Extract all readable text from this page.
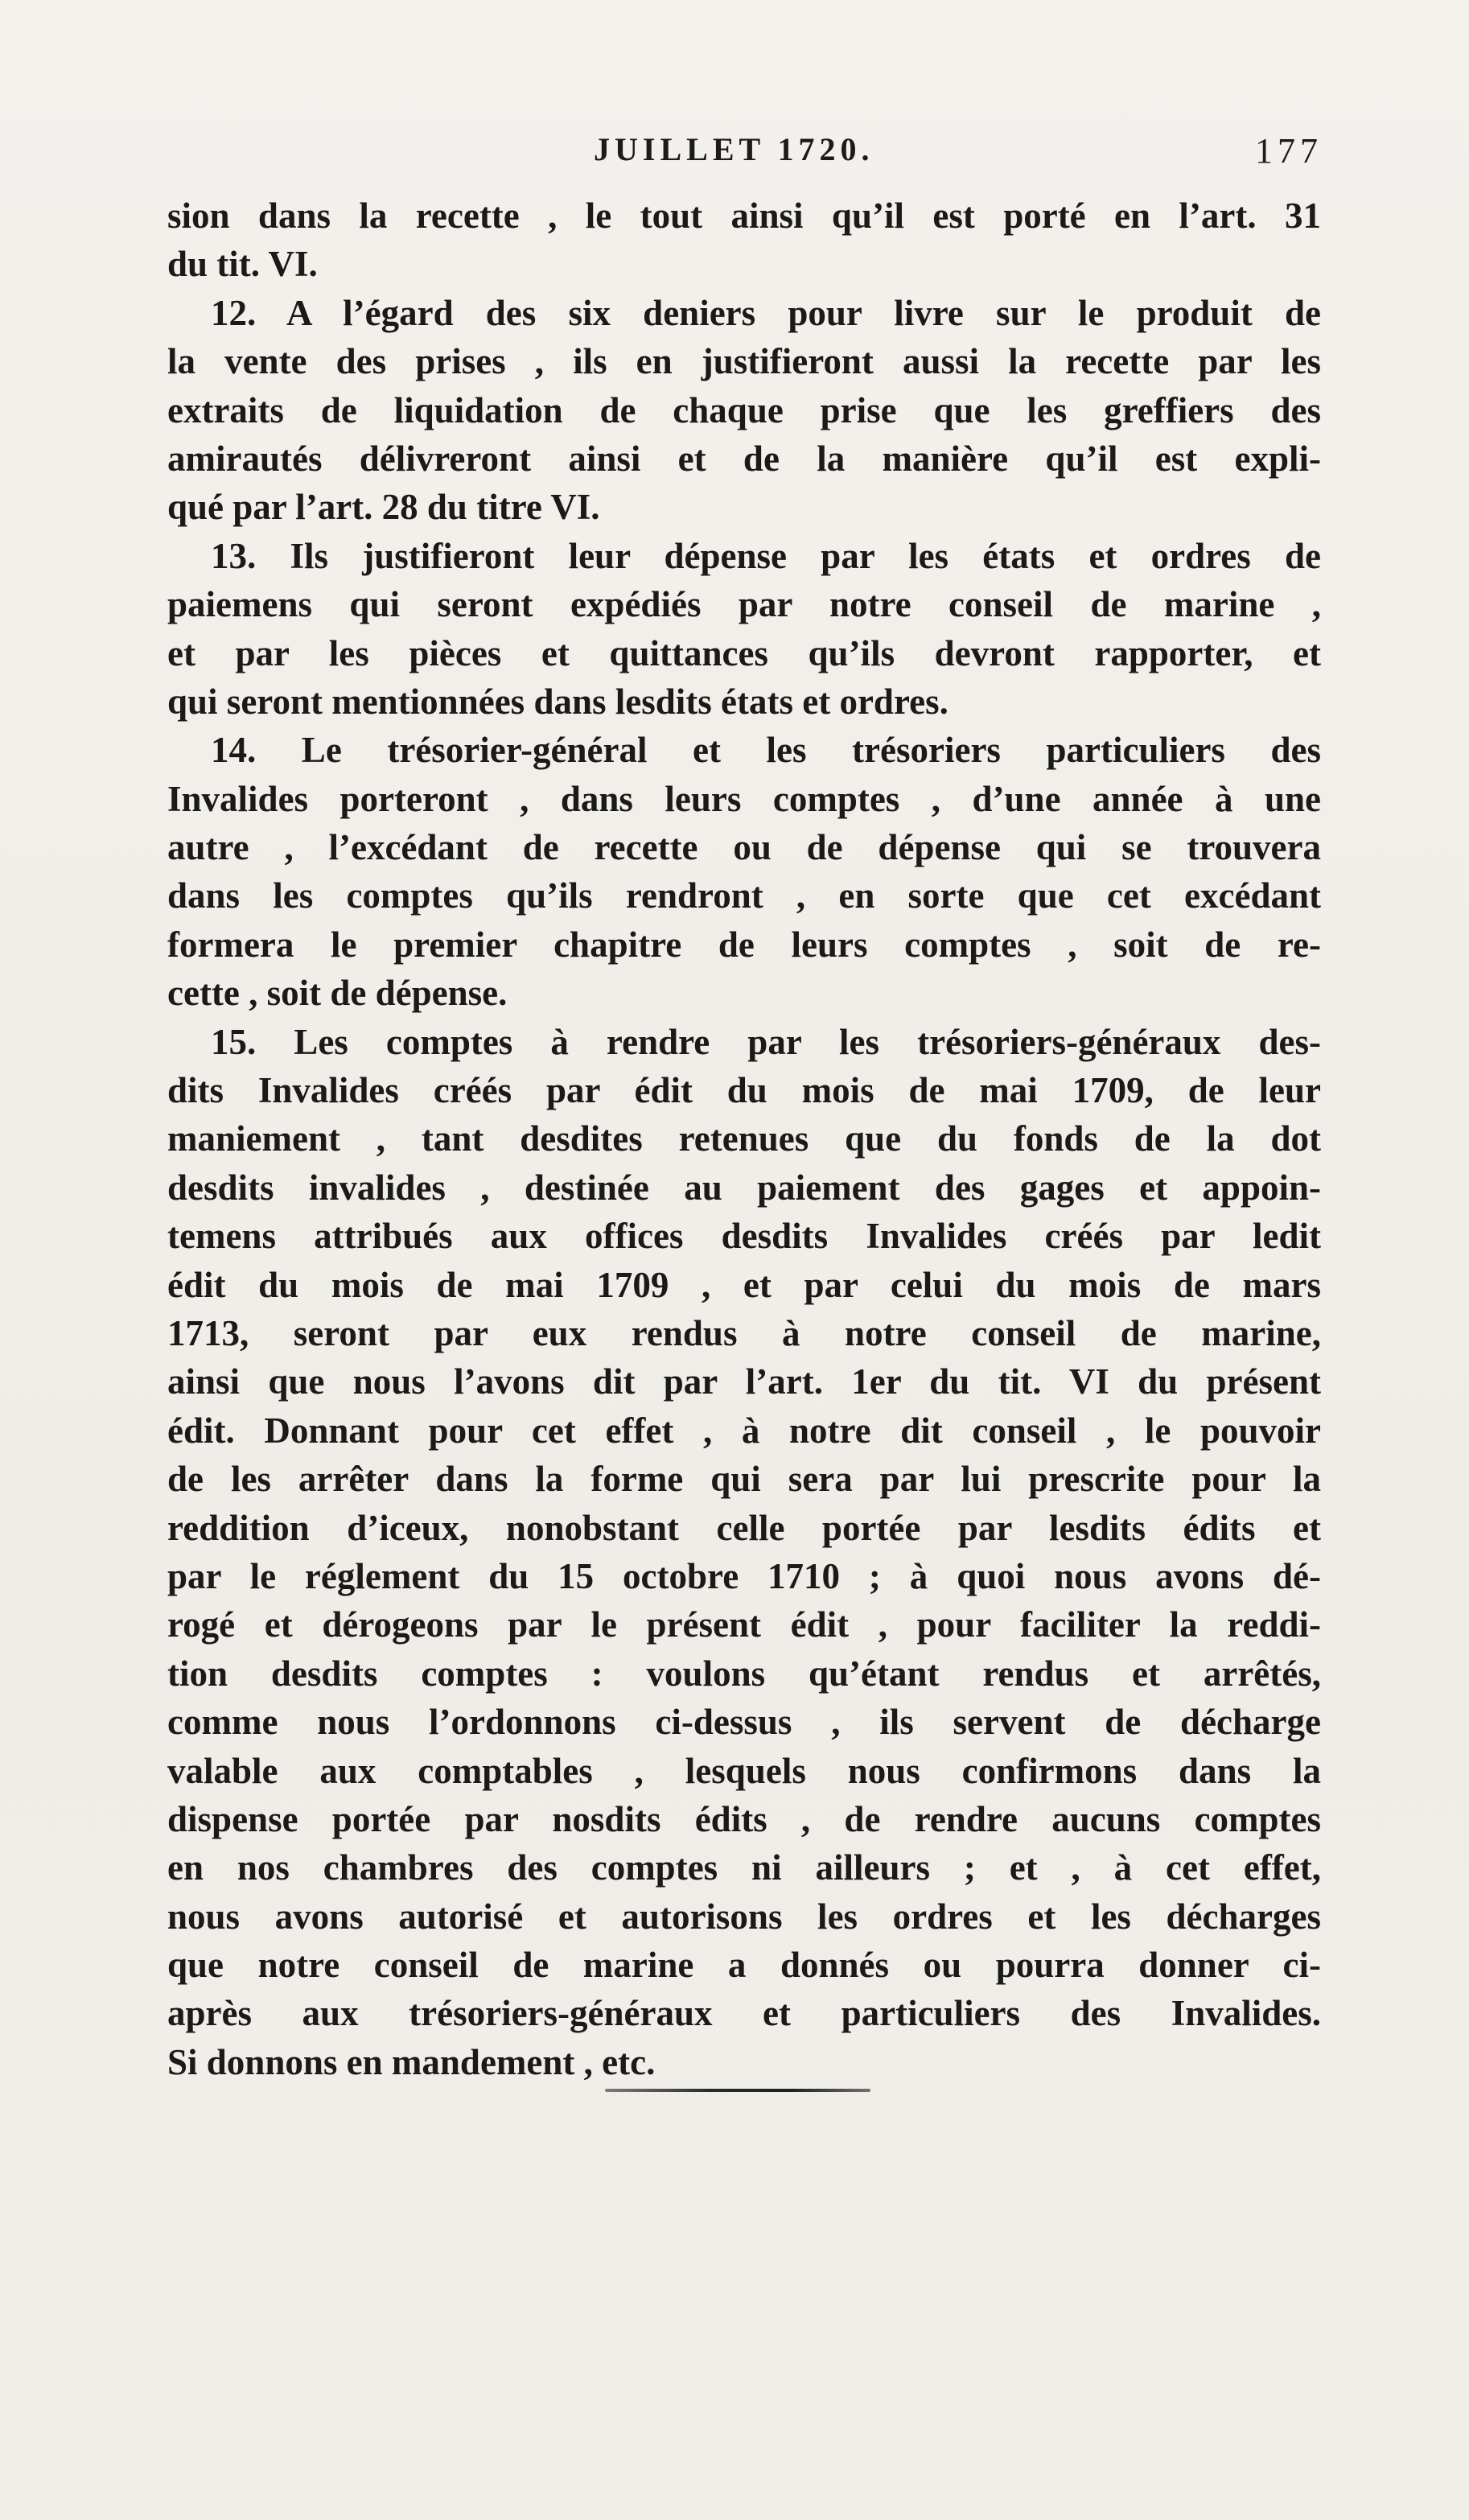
JUILLET 1720.	177
sion dans la recette , le tout ainsi qu’il est porté en l’art. 31
du tit. VI.
12. A l’égard des six deniers pour livre sur le produit de
la vente des prises , ils en justifieront aussi la recette par les
extraits de liquidation de chaque prise que les greffiers des
amirautés délivreront ainsi et de la manière qu’il est expli-
qué par l’art. 28 du titre VI.
13. Ils justifieront leur dépense par les états et ordres de
paiemens qui seront expédiés par notre conseil de marine ,
et par les pièces et quittances qu’ils devront rapporter, et
qui seront mentionnées dans lesdits états et ordres.
14. Le trésorier-général et les trésoriers particuliers des
Invalides porteront , dans leurs comptes , d’une année à une
autre , l’excédant de recette ou de dépense qui se trouvera
dans les comptes qu’ils rendront , en sorte que cet excédant
formera le premier chapitre de leurs comptes , soit de re-
cette , soit de dépense.
15. Les comptes à rendre par les trésoriers-généraux des-
dits Invalides créés par édit du mois de mai 1709, de leur
maniement , tant desdites retenues que du fonds de la dot
desdits invalides , destinée au paiement des gages et appoin-
temens attribués aux offices desdits Invalides créés par ledit
édit du mois de mai 1709 , et par celui du mois de mars
1713, seront par eux rendus à notre conseil de marine,
ainsi que nous l’avons dit par l’art. 1er du tit. VI du présent
édit. Donnant pour cet effet , à notre dit conseil , le pouvoir
de les arrêter dans la forme qui sera par lui prescrite pour la
reddition d’iceux, nonobstant celle portée par lesdits édits et
par le réglement du 15 octobre 1710 ; à quoi nous avons dé-
rogé et dérogeons par le présent édit , pour faciliter la reddi-
tion desdits comptes : voulons qu’étant rendus et arrêtés,
comme nous l’ordonnons ci-dessus , ils servent de décharge
valable aux comptables , lesquels nous confirmons dans la
dispense portée par nosdits édits , de rendre aucuns comptes
en nos chambres des comptes ni ailleurs ; et , à cet effet,
nous avons autorisé et autorisons les ordres et les décharges
que notre conseil de marine a donnés ou pourra donner ci-
après aux trésoriers-généraux et particuliers des Invalides.
Si donnons en mandement , etc.
